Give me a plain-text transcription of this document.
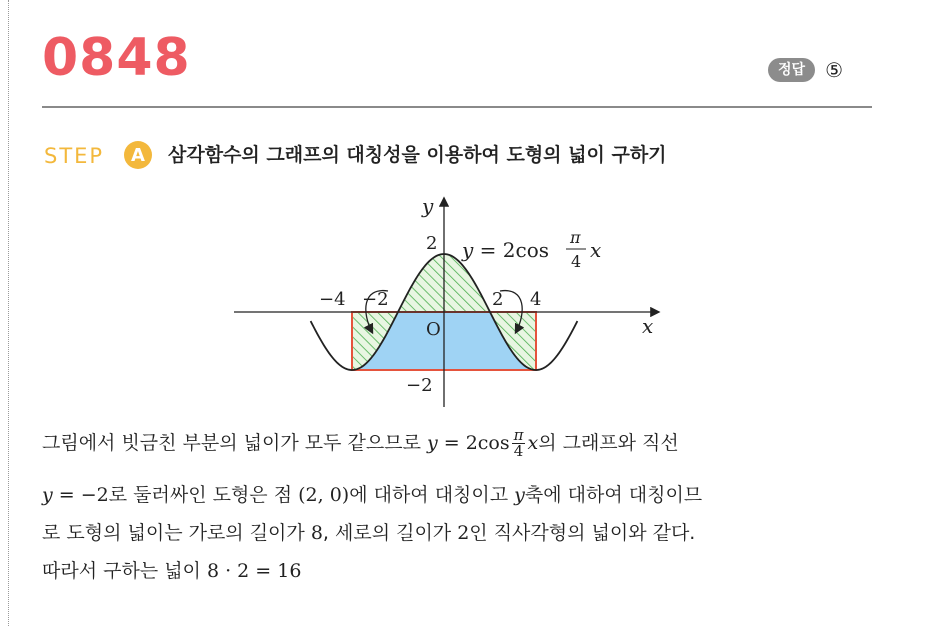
0848	정답	⑤
STEP	A	삼각함수의 그래프의 대칭성을 이용하여 도형의 넓이 구하기
y
x
O
2
−2
−4 −2	2 4
y = 2cos
π
4 x
그림에서 빗금친 부분의 넓이가 모두 같으므로 $y = 2\cos \frac{\pi}{4}$ x의 그래프와 직선
y = −2로 둘러싸인 도형은 점 (2, 0)에 대하여 대칭이고 y축에 대하여 대칭이므
로 도형의 넓이는 가로의 길이가 8, 세로의 길이가 2인 직사각형의 넓이와 같다.
따라서 구하는 넓이 8 · 2 = 16
